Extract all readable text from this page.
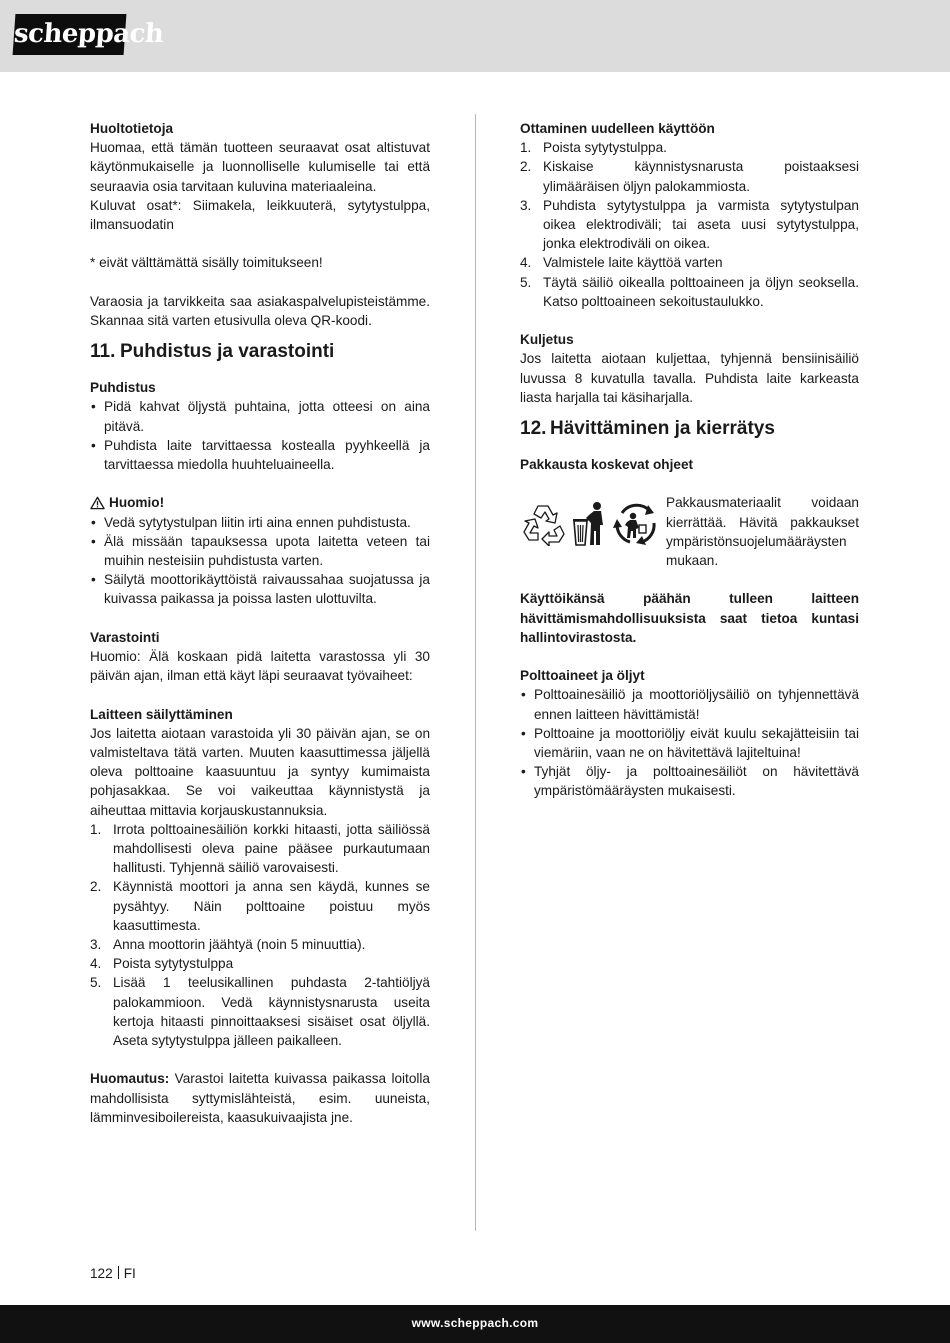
scheppach
Huoltotietoja

Huomaa, että tämän tuotteen seuraavat osat altistuvat käytönmukaiselle ja luonnolliselle kulumiselle tai että seuraavia osia tarvitaan kuluvina materiaaleina.

Kuluvat osat*: Siimakela, leikkuuterä, sytytystulppa, ilmansuodatin

* eivät välttämättä sisälly toimitukseen!

Varaosia ja tarvikkeita saa asiakaspalvelupisteistämme. Skannaa sitä varten etusivulla oleva QR-koodi.

11. Puhdistus ja varastointi
Puhdistus
• Pidä kahvat öljystä puhtaina, jotta otteesi on aina pitävä.
• Puhdista laite tarvittaessa kostealla pyyhkeellä ja tarvittaessa miedolla huuhteluaineella.
Huomio!
• Vedä sytytystulpan liitin irti aina ennen puhdistusta.
• Älä missään tapauksessa upota laitetta veteen tai muihin nesteisiin puhdistusta varten.
• Säilytä moottorikäyttöistä raivaussahaa suojatussa ja kuivassa paikassa ja poissa lasten ulottuvilta.
Varastointi

Huomio: Älä koskaan pidä laitetta varastossa yli 30 päivän ajan, ilman että käyt läpi seuraavat työvaiheet:

Laitteen säilyttäminen

Jos laitetta aiotaan varastoida yli 30 päivän ajan, se on valmisteltava tätä varten. Muuten kaasuttimessa jäljellä oleva polttoaine kaasuuntuu ja syntyy kumimaista pohjasakkaa. Se voi vaikeuttaa käynnistystä ja aiheuttaa mittavia korjauskustannuksia.

1. Irrota polttoainesäiliön korkki hitaasti, jotta säiliössä mahdollisesti oleva paine pääsee purkautumaan hallitusti. Tyhjennä säiliö varovaisesti.
2. Käynnistä moottori ja anna sen käydä, kunnes se pysähtyy. Näin polttoaine poistuu myös kaasuttimesta.
3. Anna moottorin jäähtyä (noin 5 minuuttia).
4. Poista sytytystulppa
5. Lisää 1 teelusikallinen puhdasta 2-tahtiöljyä palokammioon. Vedä käynnistysnarusta useita kertoja hitaasti pinnoittaaksesi sisäiset osat öljyllä. Aseta sytytystulppa jälleen paikalleen.

Huomautus: Varastoi laitetta kuivassa paikassa loitolla mahdollisista syttymislähteistä, esim. uuneista, lämminvesiboilereista, kaasukuivaajista jne.

Ottaminen uudelleen käyttöön
1. Poista sytytystulppa.
2. Kiskaise käynnistysnarusta poistaaksesi ylimääräisen öljyn palokammiosta.
3. Puhdista sytytystulppa ja varmista sytytystulpan oikea elektrodiväli; tai aseta uusi sytytystulppa, jonka elektrodiväli on oikea.
4. Valmistele laite käyttöä varten
5. Täytä säiliö oikealla polttoaineen ja öljyn seoksella. Katso polttoaineen sekoitustaulukko.
Kuljetus

Jos laitetta aiotaan kuljettaa, tyhjennä bensiinisäiliö luvussa 8 kuvatulla tavalla. Puhdista laite karkeasta liasta harjalla tai käsiharjalla.

12. Hävittäminen ja kierrätys
Pakkausta koskevat ohjeet

Pakkausmateriaalit voidaan kierrättää. Hävitä pakkaukset ympäristönsuojelumääräysten mukaan.

Käyttöikänsä päähän tulleen laitteen hävittämismahdollisuuksista saat tietoa kuntasi hallintovirastosta.

Polttoaineet ja öljyt
• Polttoainesäiliö ja moottoriöljysäiliö on tyhjennettävä ennen laitteen hävittämistä!
• Polttoaine ja moottoriöljy eivät kuulu sekajätteisiin tai viemäriin, vaan ne on hävitettävä lajiteltuina!
• Tyhjät öljy- ja polttoainesäiliöt on hävitettävä ympäristömääräysten mukaisesti.
122 FI
www.scheppach.com
